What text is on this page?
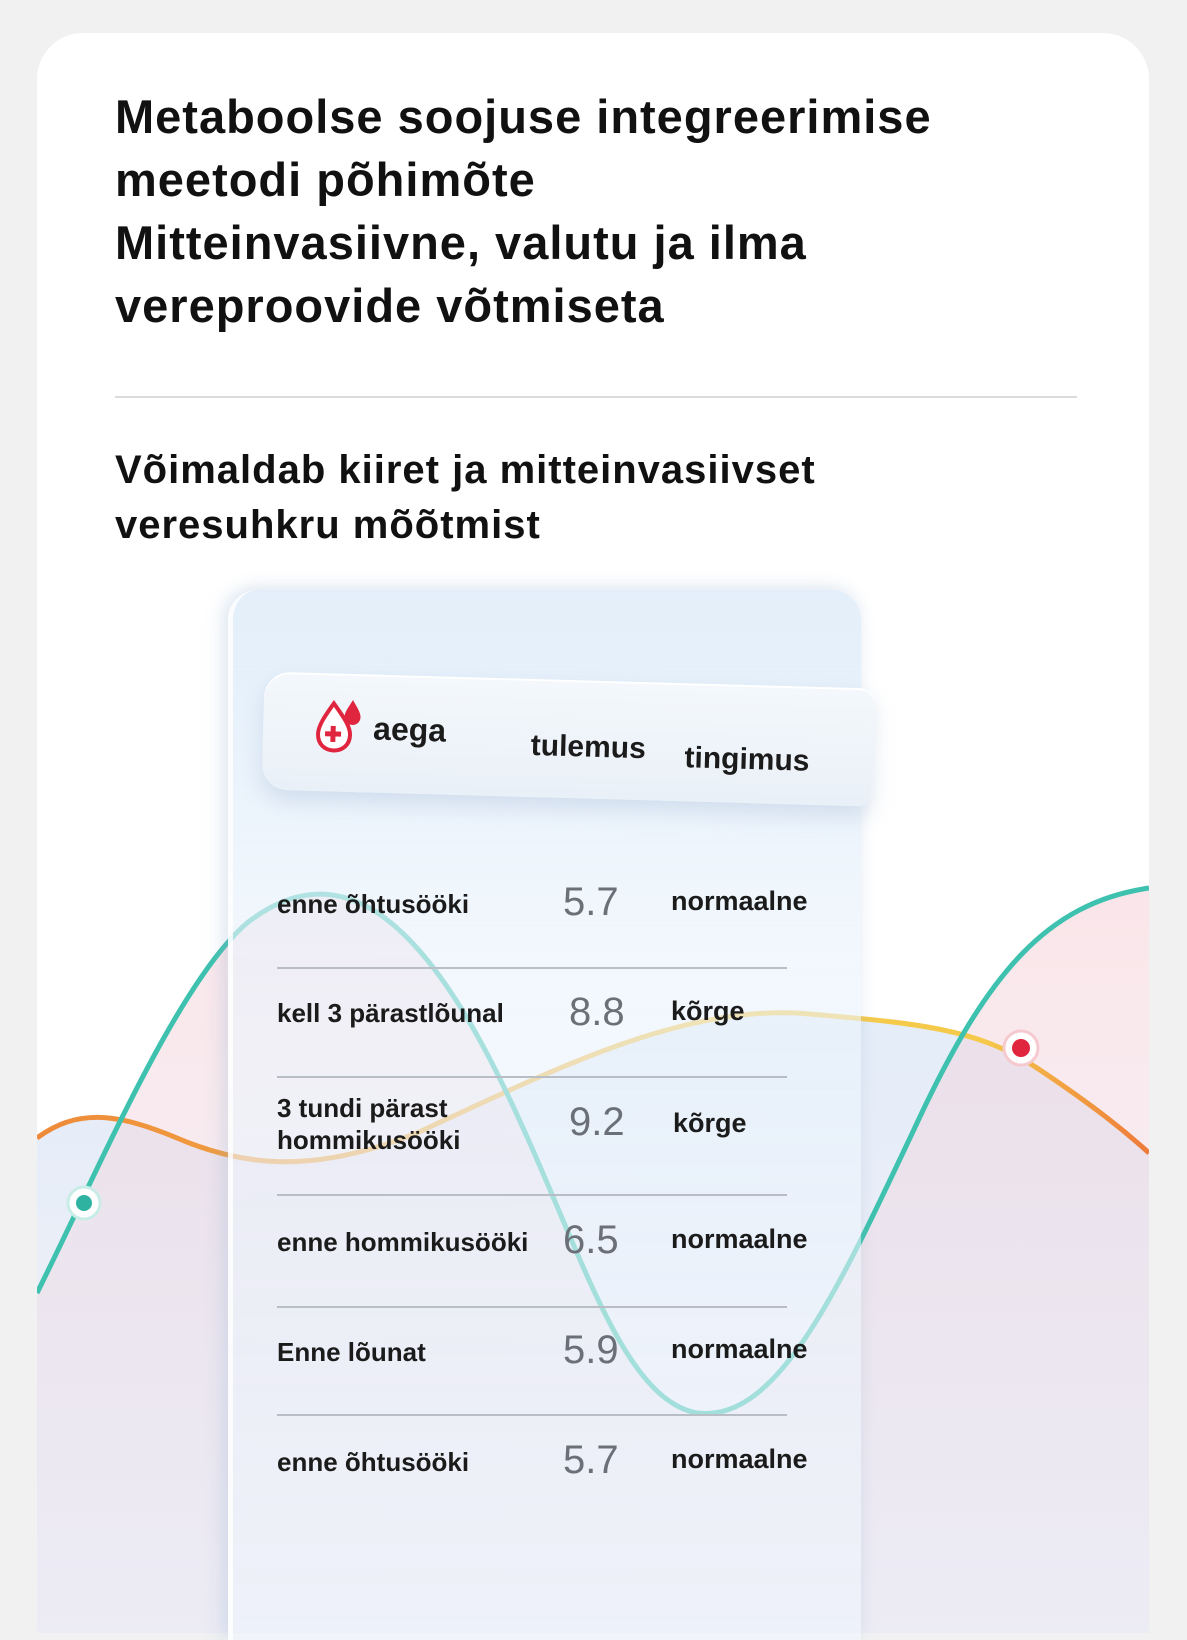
Metaboolse soojuse integreerimise
meetodi põhimõte
Mitteinvasiivne, valutu ja ilma
vereproovide võtmiseta
Võimaldab kiiret ja mitteinvasiivset
veresuhkru mõõtmist
aega	tulemus tingimus
enne õhtusööki 5.7 normaalne
kell 3 pärastlõunal 8.8 kõrge
3 tundi pärast hommikusööki	9.2 kõrge
enne hommikusööki 6.5 normaalne
Enne lõunat	5.9 normaalne
enne õhtusööki 5.7 normaalne
